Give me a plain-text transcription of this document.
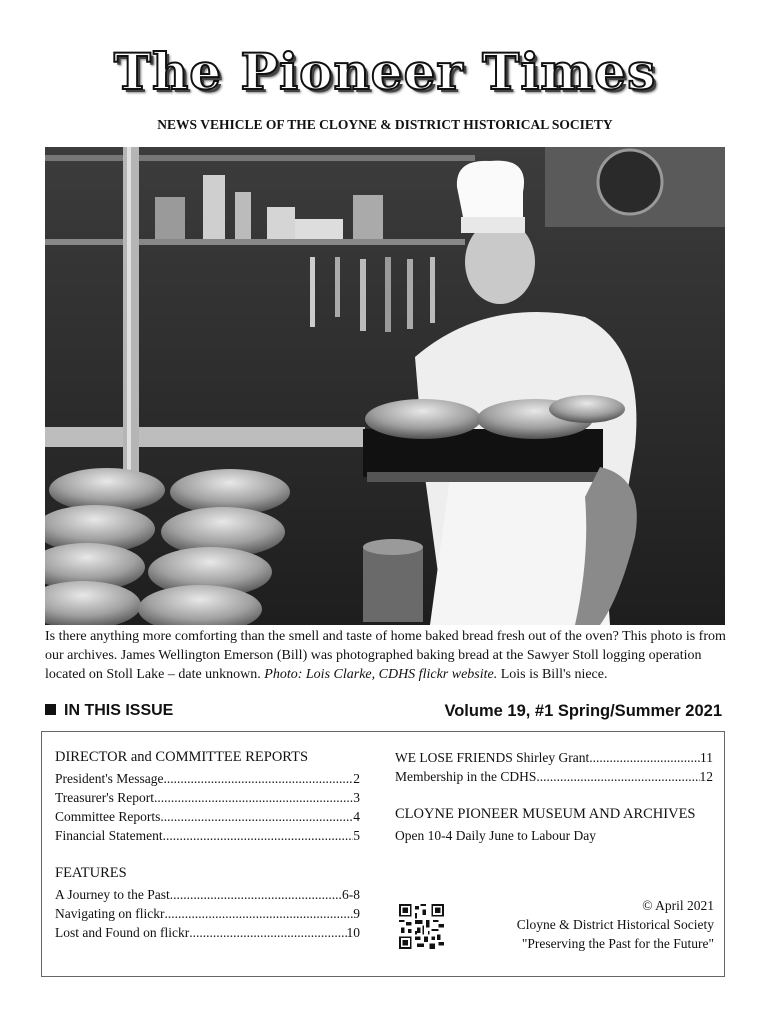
The Pioneer Times
NEWS VEHICLE OF THE CLOYNE & DISTRICT HISTORICAL SOCIETY
Is there anything more comforting than the smell and taste of home baked bread fresh out of the oven? This photo is from our archives. James Wellington Emerson (Bill) was photographed baking bread at the Sawyer Stoll logging operation located on Stoll Lake – date unknown. Photo: Lois Clarke, CDHS flickr website. Lois is Bill's niece.
IN THIS ISSUE	Volume 19, #1 Spring/Summer 2021
DIRECTOR and COMMITTEE REPORTS
President's Message .....	2
Treasurer's Report .....	3
Committee Reports .....	4
Financial Statement .....	5
FEATURES
A Journey to the Past .....	6-8
Navigating on flickr .....	9
Lost and Found on flickr .....	10
WE LOSE FRIENDS Shirley Grant .....	11
Membership in the CDHS .....	12
CLOYNE PIONEER MUSEUM AND ARCHIVES
Open 10-4 Daily June to Labour Day
© April 2021
Cloyne & District Historical Society
"Preserving the Past for the Future"
